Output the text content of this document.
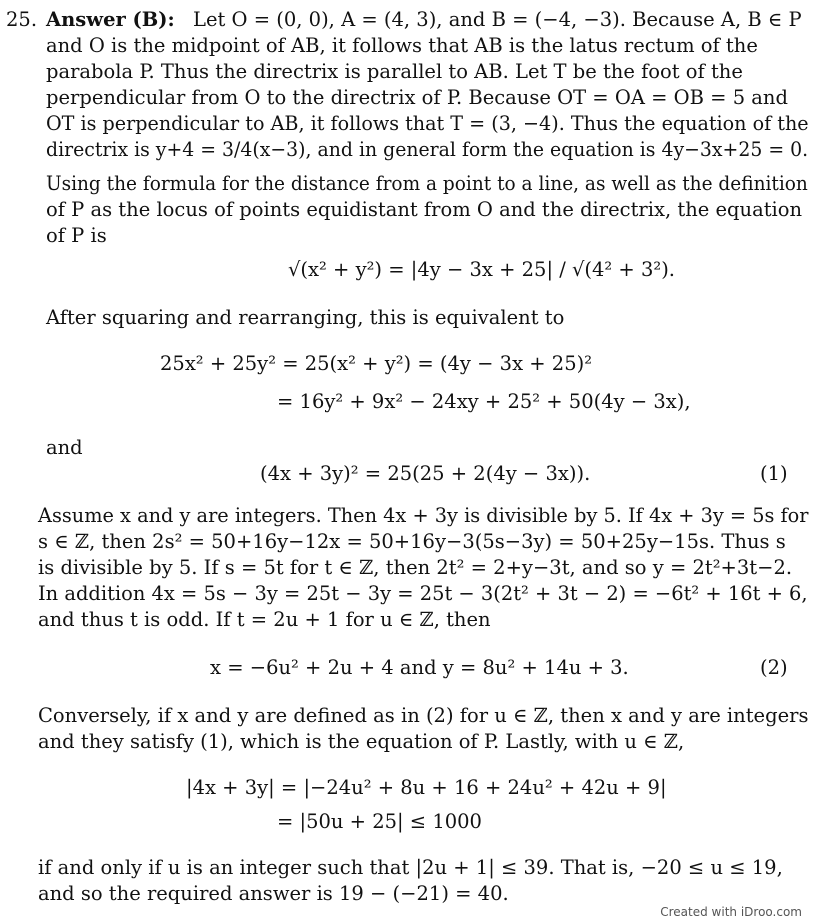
25. Answer (B): Let O = (0, 0), A = (4, 3), and B = (−4, −3). Because A, B ∈ P
and O is the midpoint of AB, it follows that AB is the latus rectum of the
parabola P. Thus the directrix is parallel to AB. Let T be the foot of the
perpendicular from O to the directrix of P. Because OT = OA = OB = 5 and
OT is perpendicular to AB, it follows that T = (3, −4). Thus the equation of the
directrix is y+4 = 3/4(x−3), and in general form the equation is 4y−3x+25 = 0.
Using the formula for the distance from a point to a line, as well as the definition
of P as the locus of points equidistant from O and the directrix, the equation
of P is
√(x² + y²) = |4y − 3x + 25| / √(4² + 3²).
After squaring and rearranging, this is equivalent to
25x² + 25y² = 25(x² + y²) = (4y − 3x + 25)²
= 16y² + 9x² − 24xy + 25² + 50(4y − 3x),
and
(4x + 3y)² = 25(25 + 2(4y − 3x)).	(1)
Assume x and y are integers. Then 4x + 3y is divisible by 5. If 4x + 3y = 5s for
s ∈ ℤ, then 2s² = 50+16y−12x = 50+16y−3(5s−3y) = 50+25y−15s. Thus s
is divisible by 5. If s = 5t for t ∈ ℤ, then 2t² = 2+y−3t, and so y = 2t²+3t−2.
In addition 4x = 5s − 3y = 25t − 3y = 25t − 3(2t² + 3t − 2) = −6t² + 16t + 6,
and thus t is odd. If t = 2u + 1 for u ∈ ℤ, then
x = −6u² + 2u + 4 and y = 8u² + 14u + 3.	(2)
Conversely, if x and y are defined as in (2) for u ∈ ℤ, then x and y are integers
and they satisfy (1), which is the equation of P. Lastly, with u ∈ ℤ,
|4x + 3y| = |−24u² + 8u + 16 + 24u² + 42u + 9|
= |50u + 25| ≤ 1000
if and only if u is an integer such that |2u + 1| ≤ 39. That is, −20 ≤ u ≤ 19,
and so the required answer is 19 − (−21) = 40.
Created with iDroo.com
